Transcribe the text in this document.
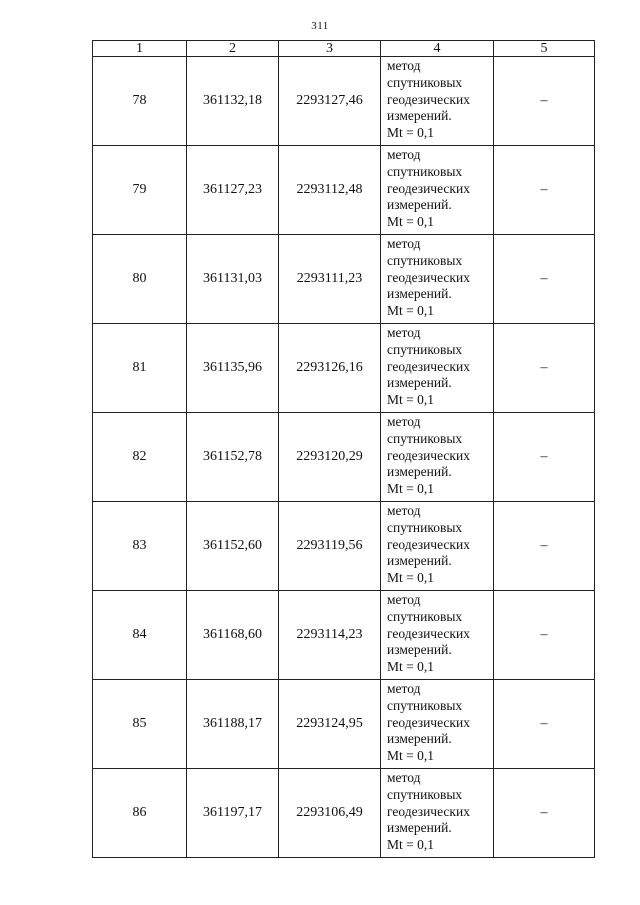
311
1	2	3	4	5
78	361132,18	2293127,46	метод
спутниковых
геодезических
измерений.
Mt = 0,1	–
79	361127,23	2293112,48	метод
спутниковых
геодезических
измерений.
Mt = 0,1	–
80	361131,03	2293111,23	метод
спутниковых
геодезических
измерений.
Mt = 0,1	–
81	361135,96	2293126,16	метод
спутниковых
геодезических
измерений.
Mt = 0,1	–
82	361152,78	2293120,29	метод
спутниковых
геодезических
измерений.
Mt = 0,1	–
83	361152,60	2293119,56	метод
спутниковых
геодезических
измерений.
Mt = 0,1	–
84	361168,60	2293114,23	метод
спутниковых
геодезических
измерений.
Mt = 0,1	–
85	361188,17	2293124,95	метод
спутниковых
геодезических
измерений.
Mt = 0,1	–
86	361197,17	2293106,49	метод
спутниковых
геодезических
измерений.
Mt = 0,1	–
